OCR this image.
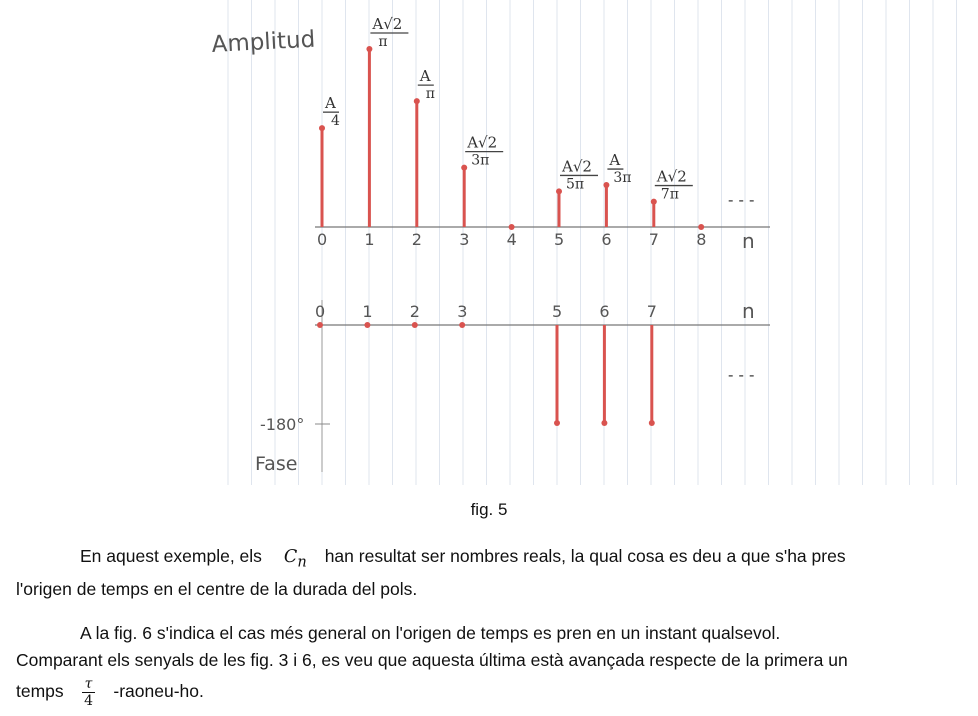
Amplitud
A
4
A√2
π
A
π
A√2
3π	A√2
5π
A
3π A√2
7π
0 1 2 3 4 5 6 7 8 n
- - -
-180°
Fase
0 1 2 3	5 6 7	n
- - -
fig. 5
En aquest exemple, els $C_n$ han resultat ser nombres reals, la qual cosa es deu a que s'ha pres
l'origen de temps en el centre de la durada del pols.
A la fig. 6 s'indica el cas més general on l'origen de temps es pren en un instant qualsevol.
Comparant els senyals de les fig. 3 i 6, es veu que aquesta última està avançada respecte de la primera un
temps $\frac{\tau}{4}$ -raoneu-ho.
